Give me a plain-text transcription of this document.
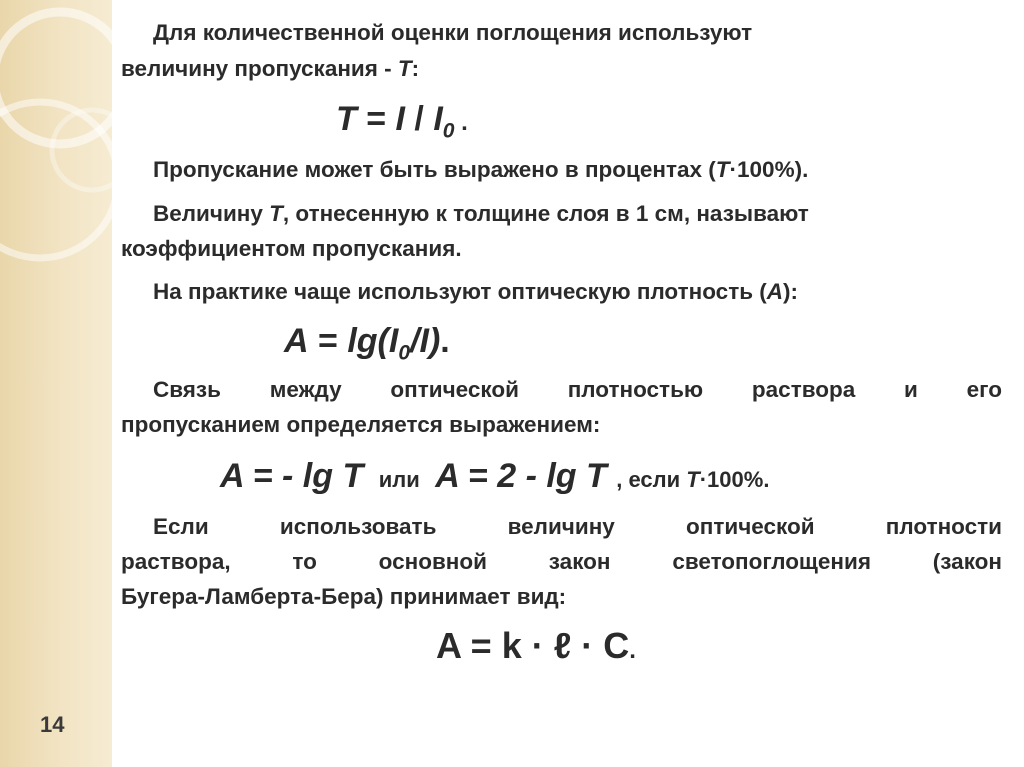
14
Для количественной оценки поглощения используют
величину пропускания - T:
$T = I / I_0$ .
Пропускание может быть выражено в процентах (T·100%).
Величину T, отнесенную к толщине слоя в 1 см, называют
коэффициентом пропускания.
На практике чаще используют оптическую плотность (A):
$A = \lg(I_0/I)$.
Связь между оптической плотностью раствора и его
пропусканием определяется выражением:
A = - lg T или A = 2 - lg T , если T·100%.
Если использовать величину оптической плотности
раствора, то основной закон светопоглощения (закон
Бугера-Ламберта-Бера) принимает вид:
A = k · ℓ · C.
